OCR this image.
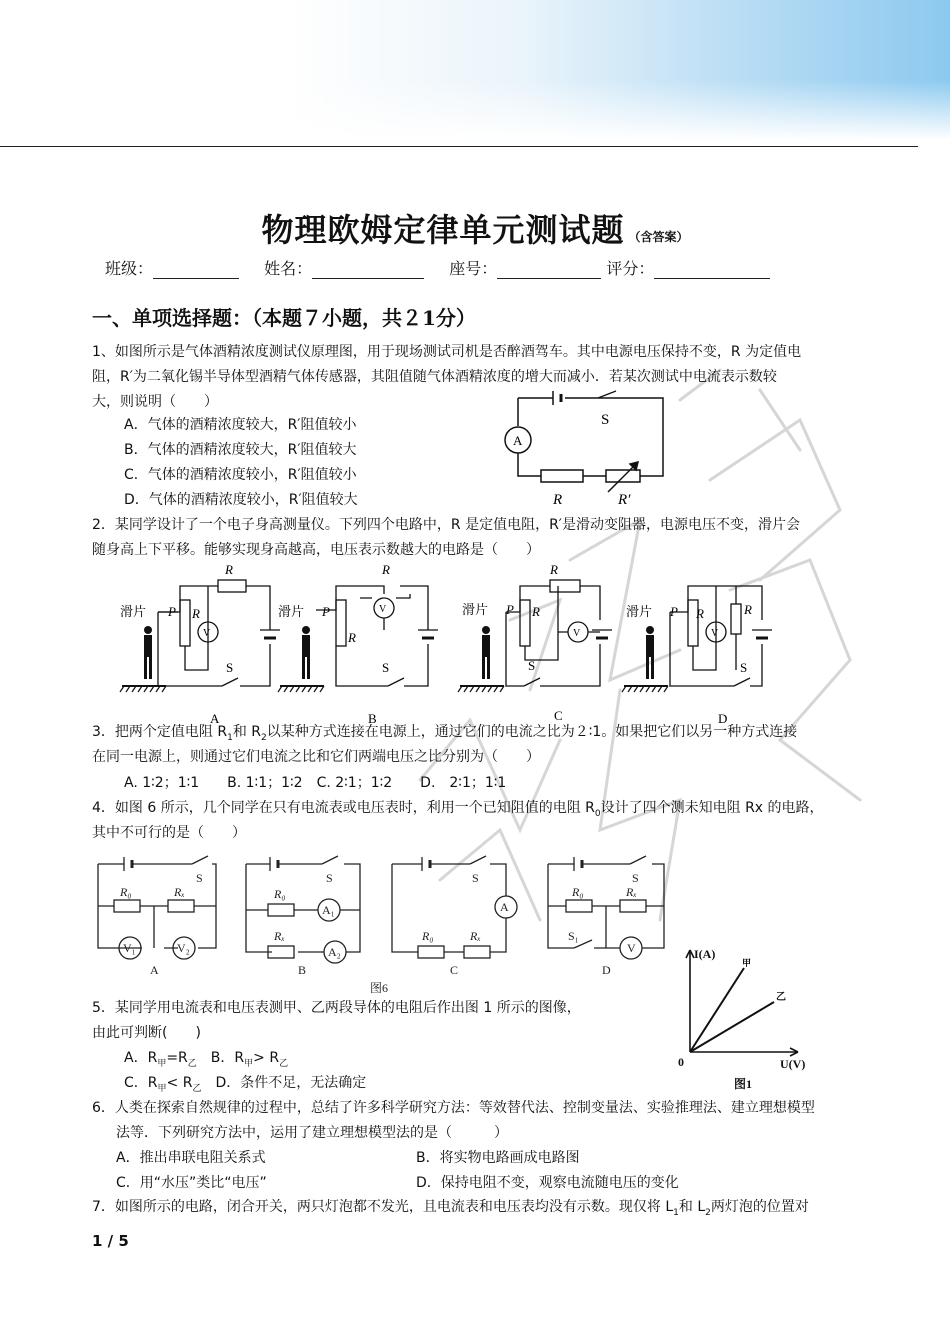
物理欧姆定律单元测试题 （含答案）
班级：	姓名：	座号：	评分：
一、单项选择题：（本题７小题，共２1分）
1、如图所示是气体酒精浓度测试仪原理图，用于现场测试司机是否醉酒驾车。其中电源电压保持不变，R 为定值电
阻，R′为二氧化锡半导体型酒精气体传感器，其阻值随气体酒精浓度的增大而减小．若某次测试中电流表示数较
大，则说明（　　）
A．气体的酒精浓度较大，R′阻值较小
B．气体的酒精浓度较大，R′阻值较大
C．气体的酒精浓度较小，R′阻值较小
D．气体的酒精浓度较小，R′阻值较大
A
S
R	R′
2．某同学设计了一个电子身高测量仪。下列四个电路中，R 是定值电阻，R′是滑动变阻器，电源电压不变，滑片会
随身高上下平移。能够实现身高越高，电压表示数越大的电路是（　　）
滑片 P R
R
V
S
A
滑片 P
R
R
V
S
B
滑片 P R
R
V
S
C
滑片 P R	R
V
S
D
3．把两个定值电阻 $R_1$和 $R_2$以某种方式连接在电源上，通过它们的电流之比为２∶1。如果把它们以另一种方式连接
在同一电源上，则通过它们电流之比和它们两端电压之比分别为（　　）
A. 1∶2；1∶1　　B. 1∶1；1∶2　C. 2∶1；1∶2　　D.　2∶1；1∶1
4．如图 6 所示，几个同学在只有电流表或电压表时，利用一个已知阻值的电阻 $R_0$设计了四个测未知电阻 Rx 的电路，
其中不可行的是（　　）
S
R₀	Rₓ
V₁	V₂
A
S
R₀
Rₓ
A₁
A₂
B
S
A
R₀	Rₓ
C
S
R₀	Rₓ
S₁
V
D
图6
5．某同学用电流表和电压表测甲、乙两段导体的电阻后作出图 1 所示的图像，
由此可判断(　　)
A．$R_甲=R_乙$　B．$R_甲> R_乙$
C．$R_甲< R_乙$　D．条件不足，无法确定
I(A)
U(V)
0
甲
乙
图1
6．人类在探索自然规律的过程中，总结了许多科学研究方法：等效替代法、控制变量法、实验推理法、建立理想模型
法等．下列研究方法中，运用了建立理想模型法的是（　　　）
A．推出串联电阻关系式	B．将实物电路画成电路图
C．用“水压”类比“电压”	D．保持电阻不变，观察电流随电压的变化
7．如图所示的电路，闭合开关，两只灯泡都不发光，且电流表和电压表均没有示数。现仅将 $L_1$和 $L_2$两灯泡的位置对
1 / 5
